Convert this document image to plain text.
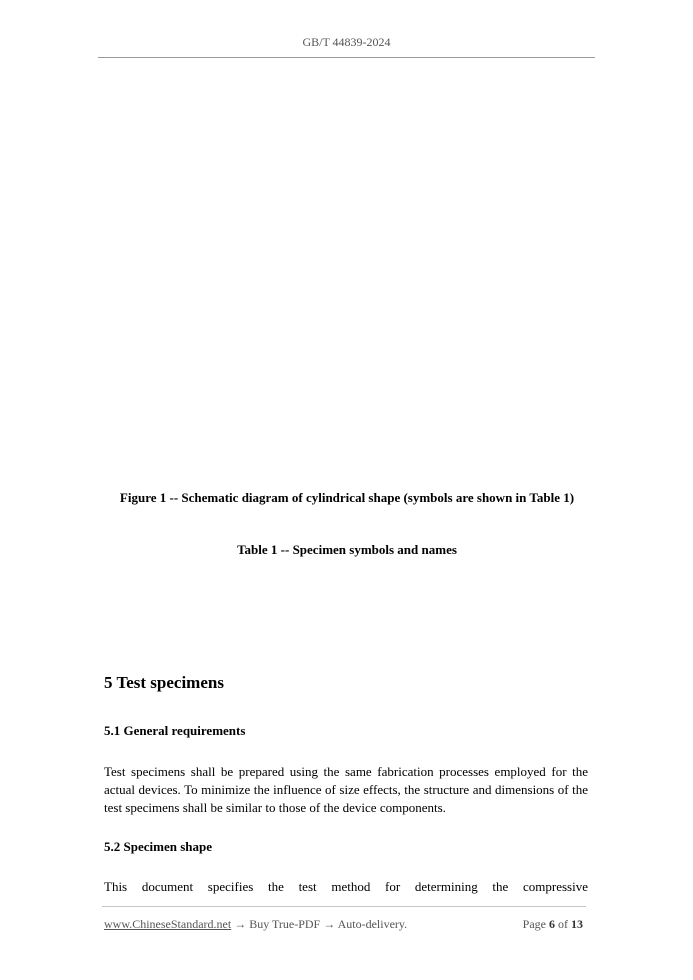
GB/T 44839-2024
Figure 1 -- Schematic diagram of cylindrical shape (symbols are shown in Table 1)
Table 1 -- Specimen symbols and names
5 Test specimens
5.1 General requirements
Test specimens shall be prepared using the same fabrication processes employed for the actual devices. To minimize the influence of size effects, the structure and dimensions of the test specimens shall be similar to those of the device components.
5.2 Specimen shape
This document specifies the test method for determining the compressive
www.ChineseStandard.net → Buy True-PDF → Auto-delivery.	Page 6 of 13
